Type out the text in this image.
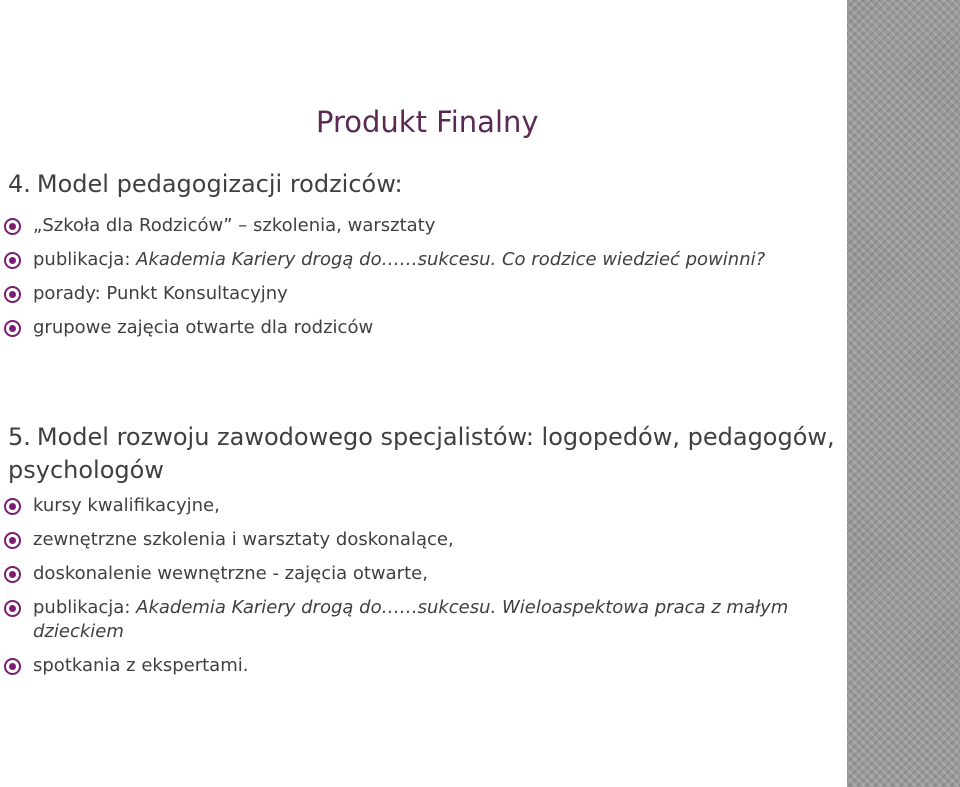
Produkt Finalny
4. Model pedagogizacji rodziców:
„Szkoła dla Rodziców” – szkolenia, warsztaty
publikacja: Akademia Kariery drogą do……sukcesu. Co rodzice wiedzieć powinni?
porady: Punkt Konsultacyjny
grupowe zajęcia otwarte dla rodziców
5. Model rozwoju zawodowego specjalistów: logopedów, pedagogów, psychologów
kursy kwalifikacyjne,
zewnętrzne szkolenia i warsztaty doskonalące,
doskonalenie wewnętrzne - zajęcia otwarte,
publikacja: Akademia Kariery drogą do……sukcesu. Wieloaspektowa praca z małym dzieckiem
spotkania z ekspertami.
